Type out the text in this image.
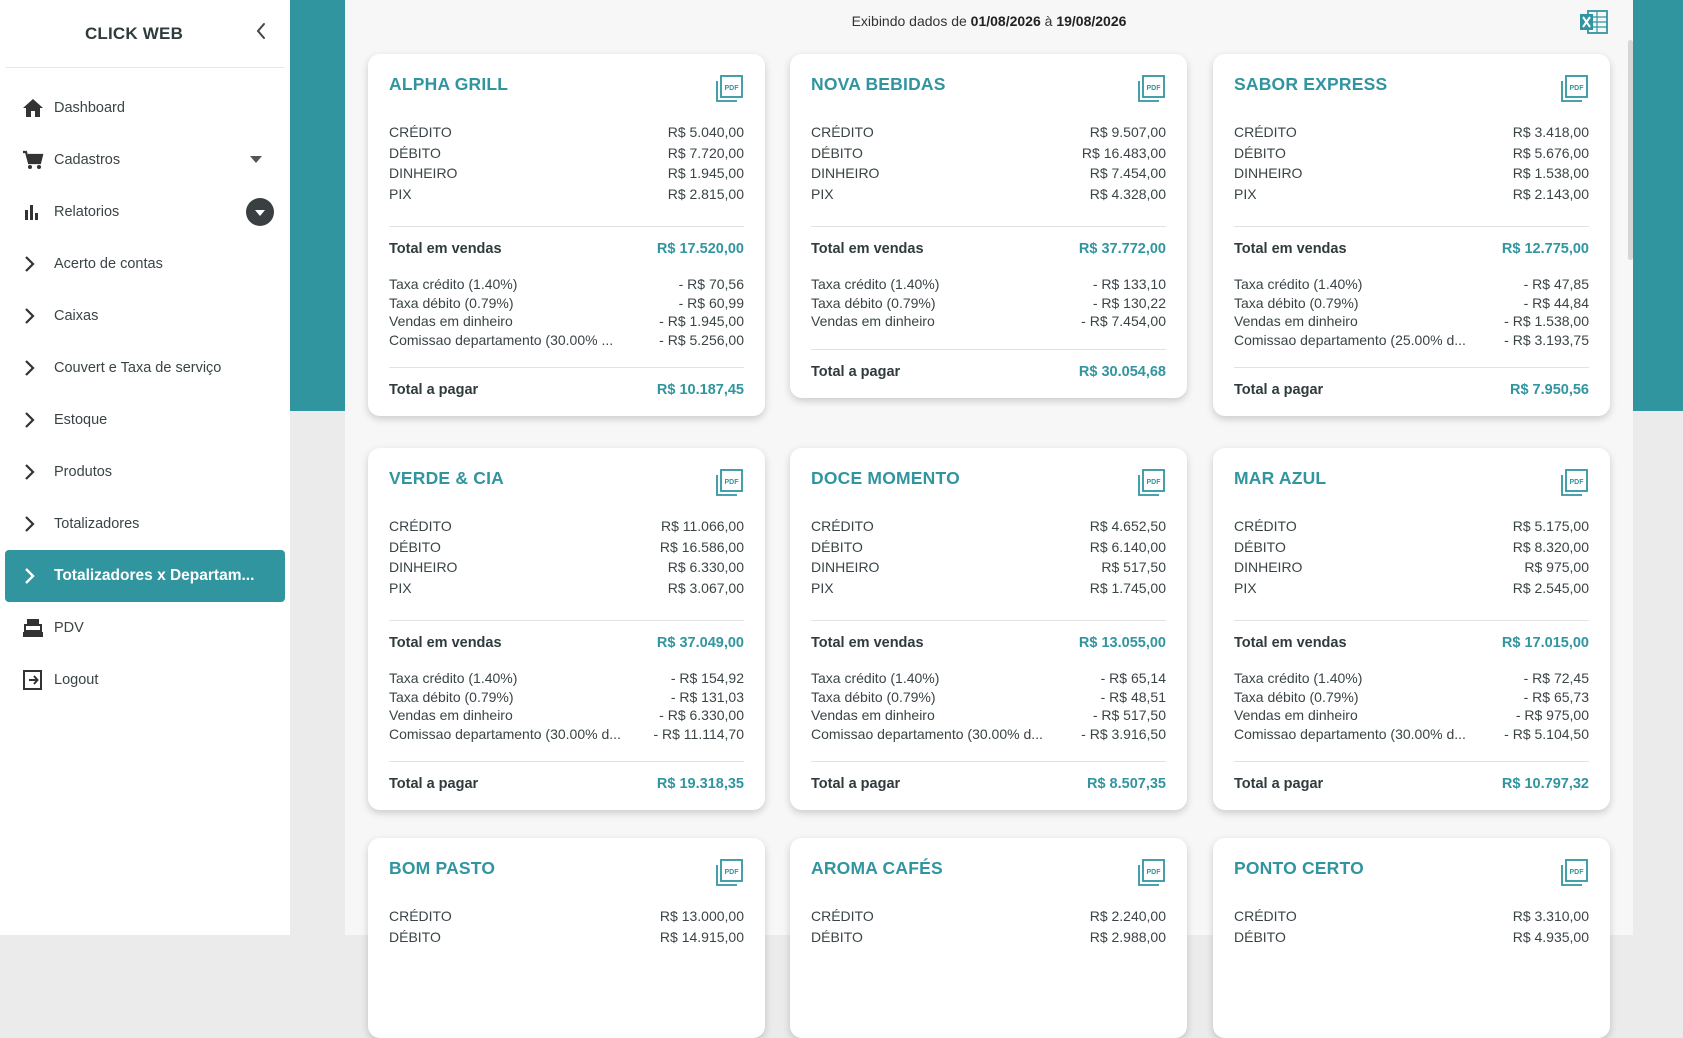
CLICK WEB
Dashboard
Cadastros
Relatorios
Acerto de contas
Caixas
Couvert e Taxa de serviço
Estoque
Produtos
Totalizadores
Totalizadores x Departam...
PDV
Logout
Exibindo dados de 01/08/2026 à 19/08/2026
ALPHA GRILL	PDF
CRÉDITO	R$ 5.040,00
DÉBITO	R$ 7.720,00
DINHEIRO	R$ 1.945,00
PIX	R$ 2.815,00
Total em vendas	R$ 17.520,00
Taxa crédito (1.40%)	- R$ 70,56
Taxa débito (0.79%)	- R$ 60,99
Vendas em dinheiro	- R$ 1.945,00
Comissao departamento (30.00% ...	- R$ 5.256,00
Total a pagar	R$ 10.187,45
NOVA BEBIDAS	PDF
CRÉDITO	R$ 9.507,00
DÉBITO	R$ 16.483,00
DINHEIRO	R$ 7.454,00
PIX	R$ 4.328,00
Total em vendas	R$ 37.772,00
Taxa crédito (1.40%)	- R$ 133,10
Taxa débito (0.79%)	- R$ 130,22
Vendas em dinheiro	- R$ 7.454,00
Total a pagar	R$ 30.054,68
SABOR EXPRESS	PDF
CRÉDITO	R$ 3.418,00
DÉBITO	R$ 5.676,00
DINHEIRO	R$ 1.538,00
PIX	R$ 2.143,00
Total em vendas	R$ 12.775,00
Taxa crédito (1.40%)	- R$ 47,85
Taxa débito (0.79%)	- R$ 44,84
Vendas em dinheiro	- R$ 1.538,00
Comissao departamento (25.00% d...	- R$ 3.193,75
Total a pagar	R$ 7.950,56
VERDE & CIA	PDF
CRÉDITO	R$ 11.066,00
DÉBITO	R$ 16.586,00
DINHEIRO	R$ 6.330,00
PIX	R$ 3.067,00
Total em vendas	R$ 37.049,00
Taxa crédito (1.40%)	- R$ 154,92
Taxa débito (0.79%)	- R$ 131,03
Vendas em dinheiro	- R$ 6.330,00
Comissao departamento (30.00% d... - R$ 11.114,70
Total a pagar	R$ 19.318,35
DOCE MOMENTO	PDF
CRÉDITO	R$ 4.652,50
DÉBITO	R$ 6.140,00
DINHEIRO	R$ 517,50
PIX	R$ 1.745,00
Total em vendas	R$ 13.055,00
Taxa crédito (1.40%)	- R$ 65,14
Taxa débito (0.79%)	- R$ 48,51
Vendas em dinheiro	- R$ 517,50
Comissao departamento (30.00% d...	- R$ 3.916,50
Total a pagar	R$ 8.507,35
MAR AZUL	PDF
CRÉDITO	R$ 5.175,00
DÉBITO	R$ 8.320,00
DINHEIRO	R$ 975,00
PIX	R$ 2.545,00
Total em vendas	R$ 17.015,00
Taxa crédito (1.40%)	- R$ 72,45
Taxa débito (0.79%)	- R$ 65,73
Vendas em dinheiro	- R$ 975,00
Comissao departamento (30.00% d...	- R$ 5.104,50
Total a pagar	R$ 10.797,32
BOM PASTO	PDF
CRÉDITO	R$ 13.000,00
DÉBITO	R$ 14.915,00
AROMA CAFÉS	PDF
CRÉDITO	R$ 2.240,00
DÉBITO	R$ 2.988,00
PONTO CERTO	PDF
CRÉDITO	R$ 3.310,00
DÉBITO	R$ 4.935,00
